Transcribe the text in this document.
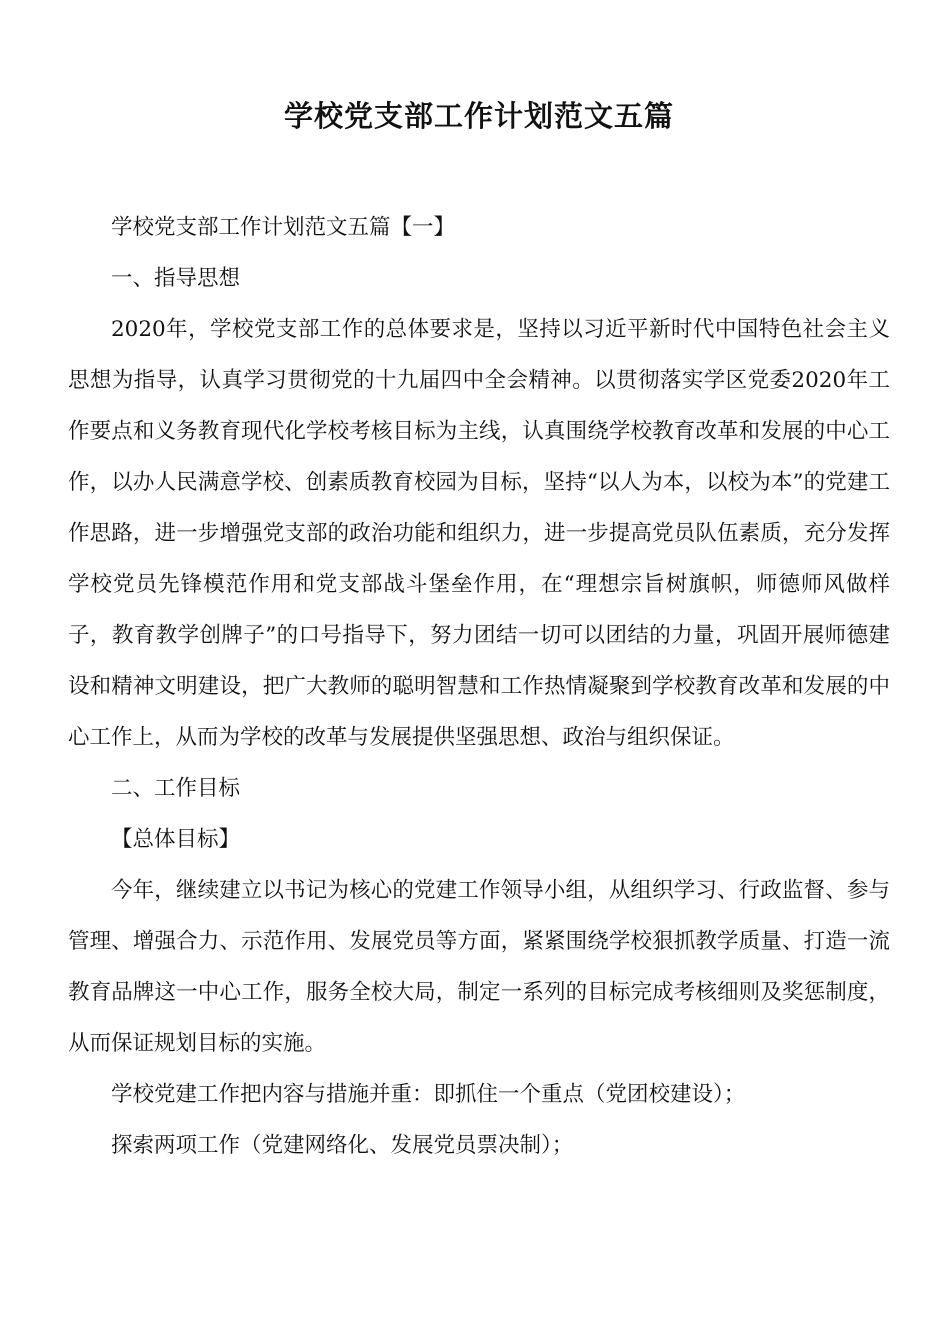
学校党支部工作计划范文五篇

学校党支部工作计划范文五篇【一】

一、指导思想

2020年，学校党支部工作的总体要求是，坚持以习近平新时代中国特色社会主义思想为指导，认真学习贯彻党的十九届四中全会精神。以贯彻落实学区党委2020年工作要点和义务教育现代化学校考核目标为主线，认真围绕学校教育改革和发展的中心工作，以办人民满意学校、创素质教育校园为目标，坚持“以人为本，以校为本”的党建工作思路，进一步增强党支部的政治功能和组织力，进一步提高党员队伍素质，充分发挥学校党员先锋模范作用和党支部战斗堡垒作用，在“理想宗旨树旗帜，师德师风做样子，教育教学创牌子”的口号指导下，努力团结一切可以团结的力量，巩固开展师德建设和精神文明建设，把广大教师的聪明智慧和工作热情凝聚到学校教育改革和发展的中心工作上，从而为学校的改革与发展提供坚强思想、政治与组织保证。

二、工作目标

【总体目标】

今年，继续建立以书记为核心的党建工作领导小组，从组织学习、行政监督、参与管理、增强合力、示范作用、发展党员等方面，紧紧围绕学校狠抓教学质量、打造一流教育品牌这一中心工作，服务全校大局，制定一系列的目标完成考核细则及奖惩制度，从而保证规划目标的实施。

学校党建工作把内容与措施并重：即抓住一个重点（党团校建设）；

探索两项工作（党建网络化、发展党员票决制）；
